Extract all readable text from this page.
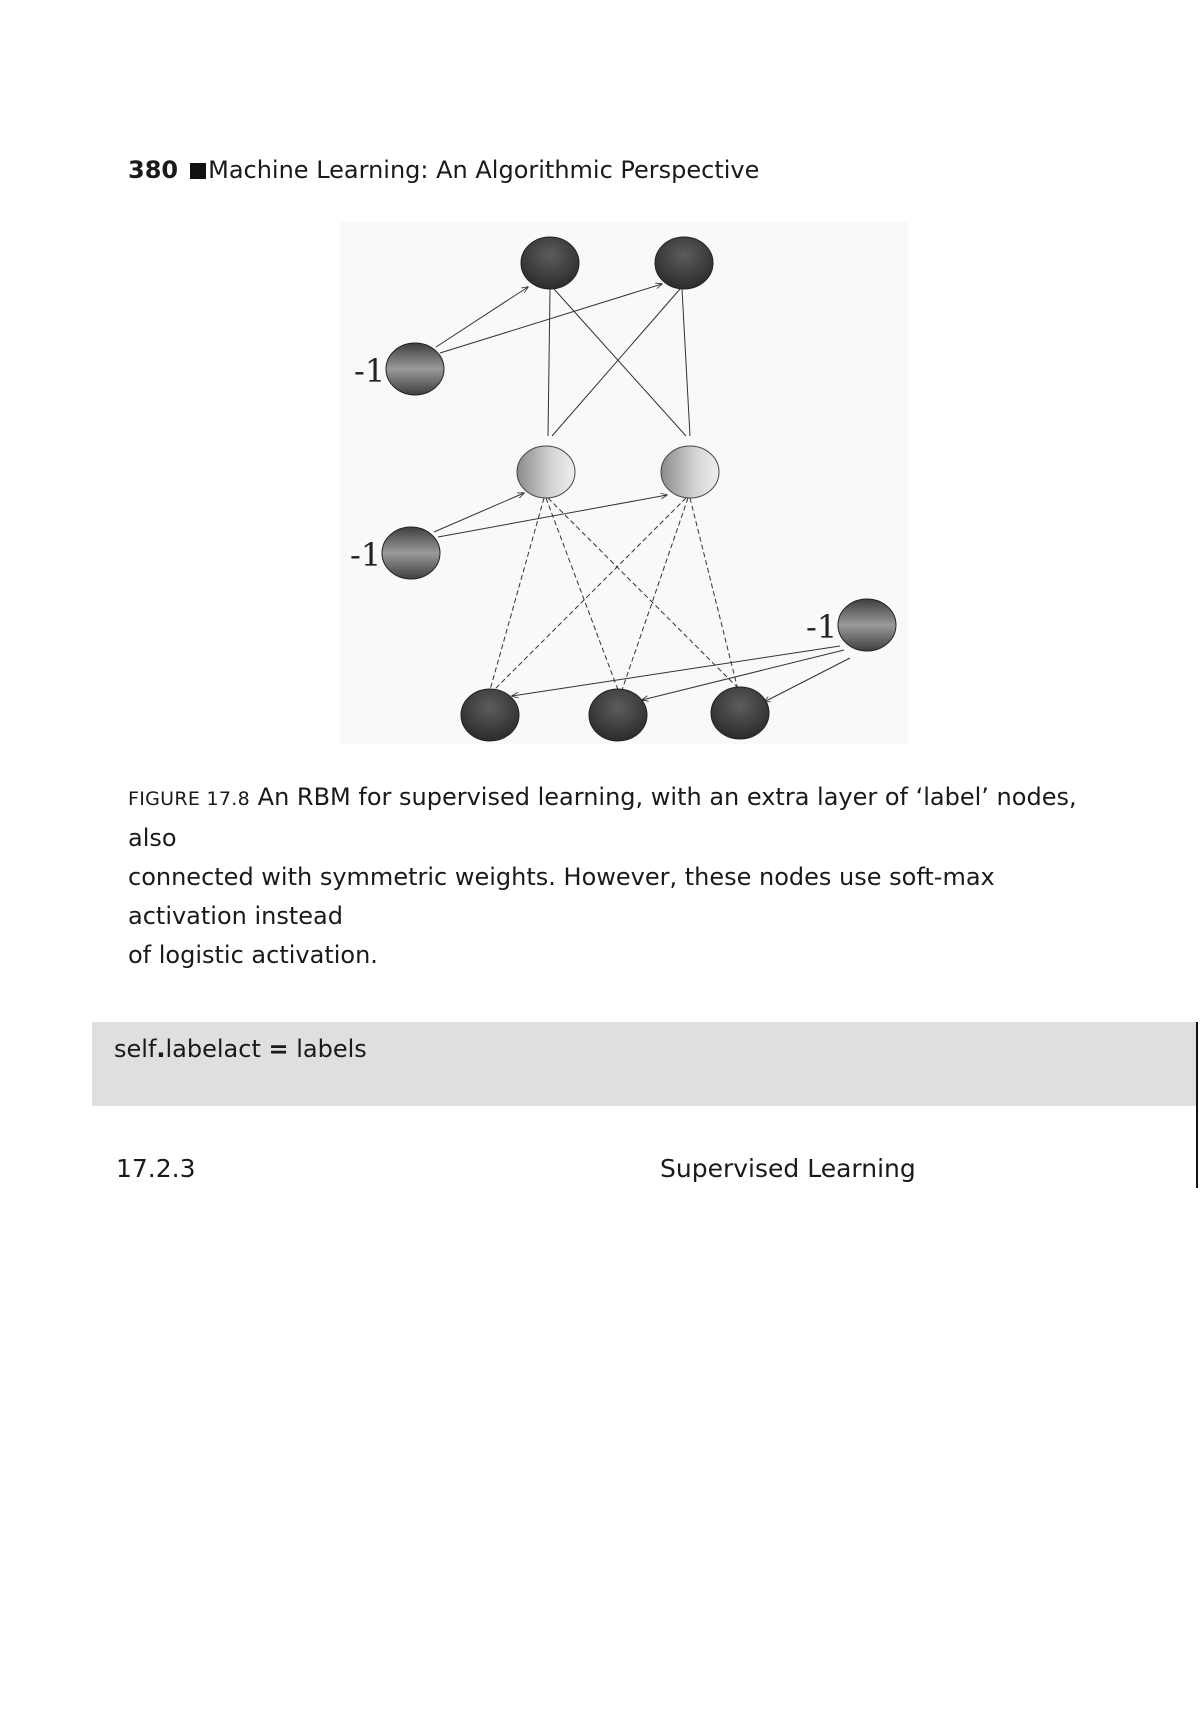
380 Machine Learning: An Algorithmic Perspective
-1
-1
-1
FIGURE 17.8 An RBM for supervised learning, with an extra layer of ‘label’ nodes,
also
connected with symmetric weights. However, these nodes use soft-max
activation instead
of logistic activation.
self.labelact = labels
17.2.3	Supervised Learning
